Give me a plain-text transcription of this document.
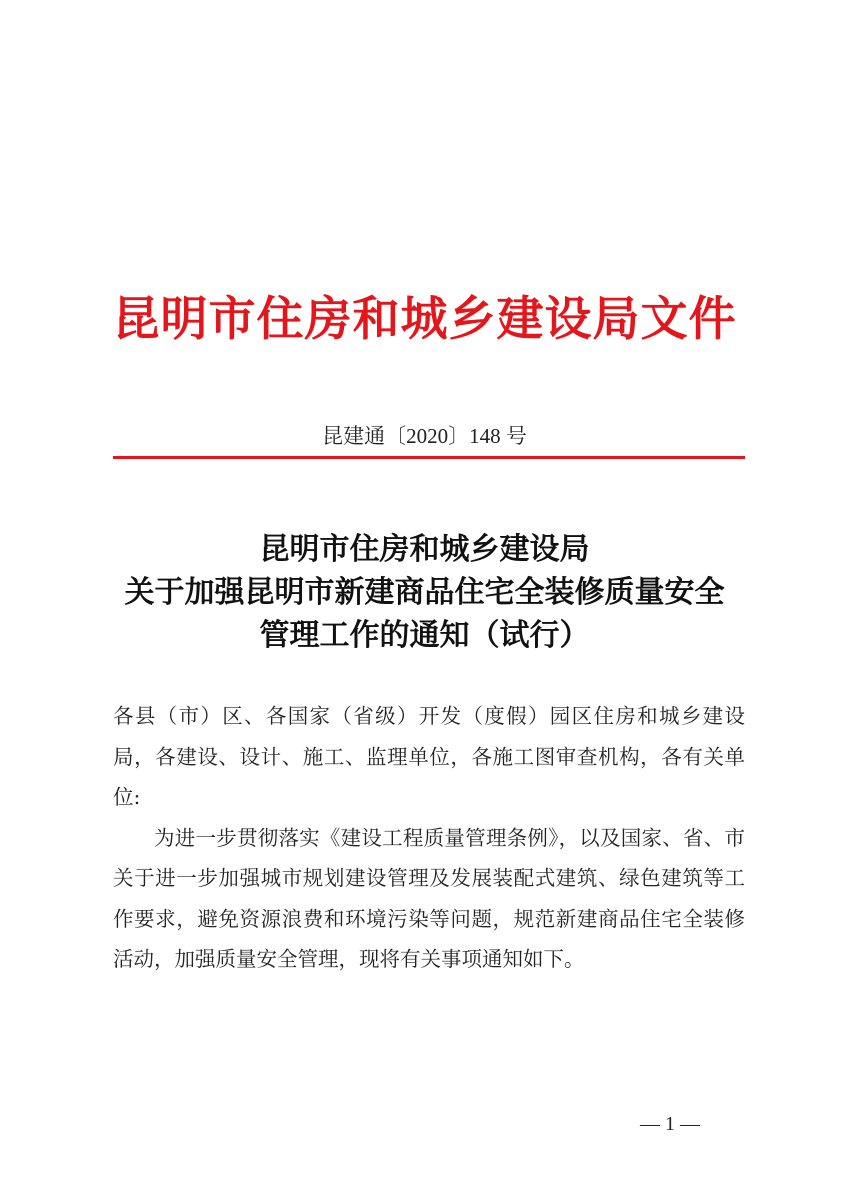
昆明市住房和城乡建设局文件
昆建通〔2020〕148 号
昆明市住房和城乡建设局
关于加强昆明市新建商品住宅全装修质量安全
管理工作的通知（试行）

各县（市）区、各国家（省级）开发（度假）园区住房和城乡建设局，各建设、设计、施工、监理单位，各施工图审查机构，各有关单位:

为进一步贯彻落实《建设工程质量管理条例》，以及国家、省、市关于进一步加强城市规划建设管理及发展装配式建筑、绿色建筑等工作要求，避免资源浪费和环境污染等问题，规范新建商品住宅全装修活动，加强质量安全管理，现将有关事项通知如下。

— 1 —
